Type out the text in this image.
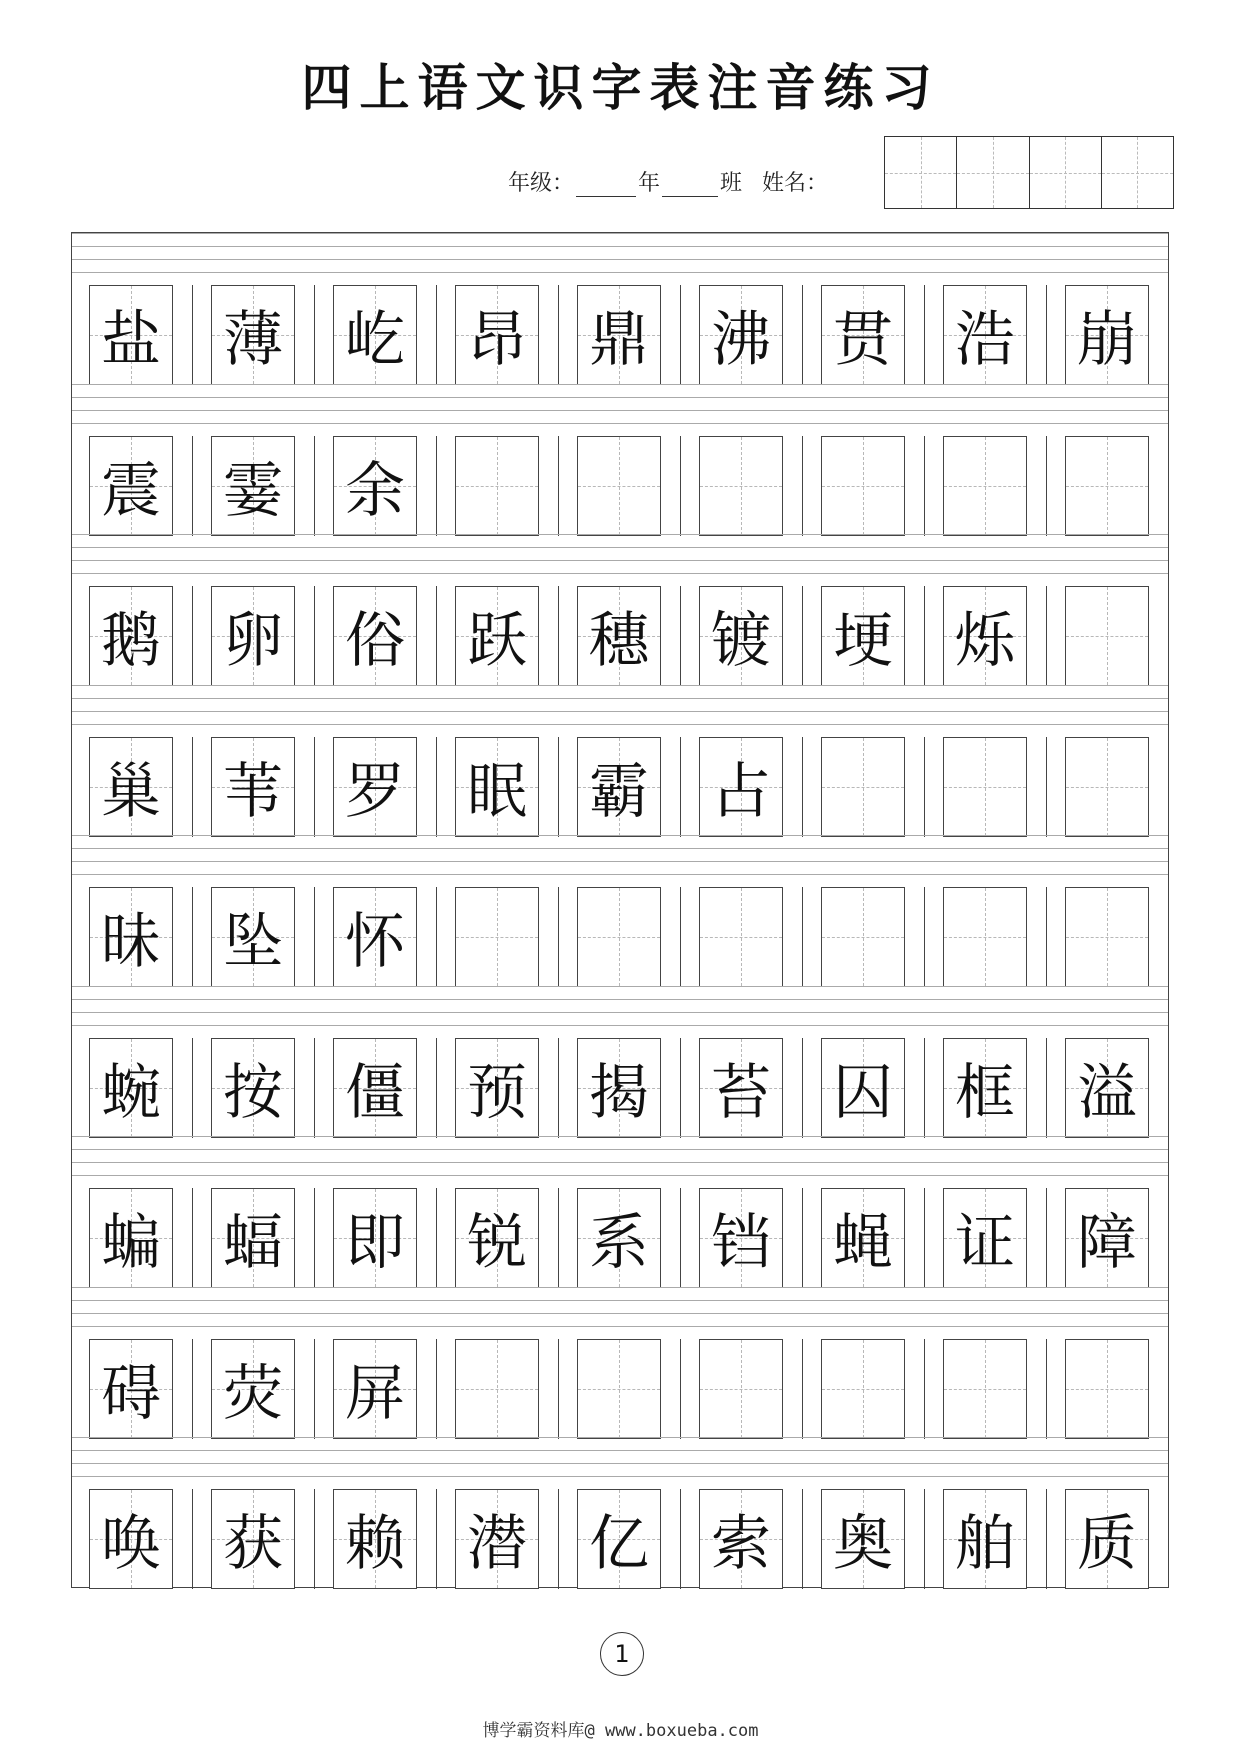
四上语文识字表注音练习
年级：	年	班 姓名：
盐 薄 屹 昂 鼎 沸 贯 浩 崩
震 霎 余
鹅 卵 俗 跃 穗 镀 埂 烁
巢 苇 罗 眠 霸 占
昧 坠 怀
蜿 按 僵 预 揭 苔 囚 框 溢
蝙 蝠 即 锐 系 铛 蝇 证 障
碍 荧 屏
唤 获 赖 潜 亿 索 奥 舶 质
1
博学霸资料库@ www.boxueba.com
